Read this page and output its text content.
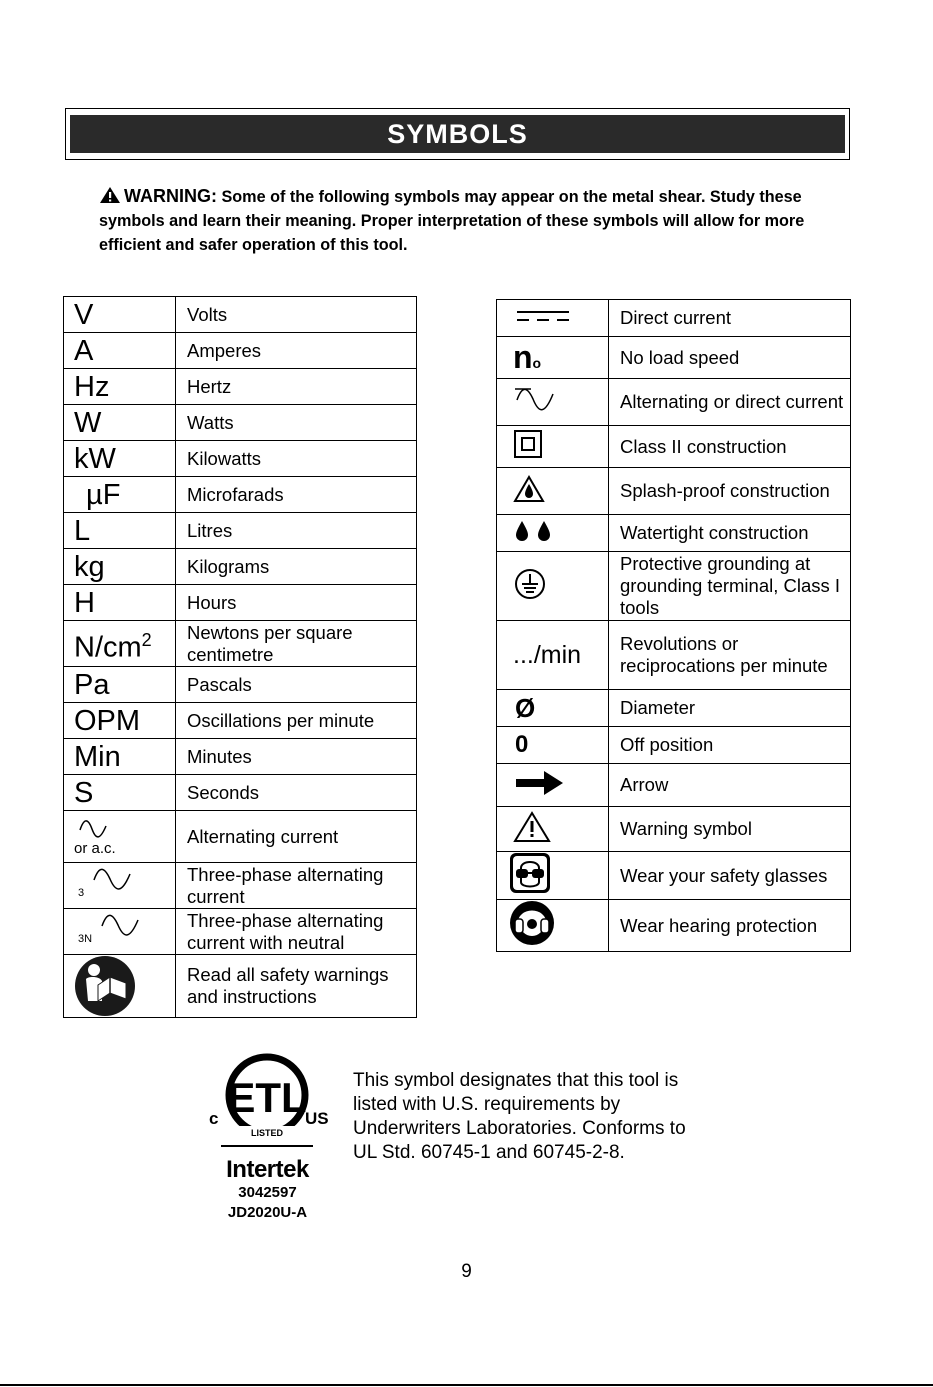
SYMBOLS
WARNING: Some of the following symbols may appear on the metal shear. Study these symbols and learn their meaning. Proper interpretation of these symbols will allow for more efficient and safer operation of this tool.
V	Volts
A	Amperes
Hz	Hertz
W	Watts
kW	Kilowatts
µF	Microfarads
L	Litres
kg	Kilograms
H	Hours
$N/cm^2$	Newtons per square centimetre
Pa	Pascals
OPM	Oscillations per minute
Min	Minutes
S	Seconds

or a.c.	Alternating current
$_3$	Three-phase alternating current
$_{3N}$	Three-phase alternating current with neutral

	Read all safety warnings and instructions
	Direct current
no	No load speed
	Alternating or direct current
	Class II construction
	Splash-proof construction
	Watertight construction
	Protective grounding at grounding terminal, Class I tools
.../min	Revolutions or reciprocations per minute
Ø	Diameter
0	Off position
	Arrow
	Warning symbol
	Wear your safety glasses
	Wear hearing protection
ETL
LISTED
c	US
Intertek
3042597
JD2020U-A
This symbol designates that this tool is listed with U.S. requirements by Underwriters Laboratories. Conforms to UL Std. 60745-1 and 60745-2-8.
9
